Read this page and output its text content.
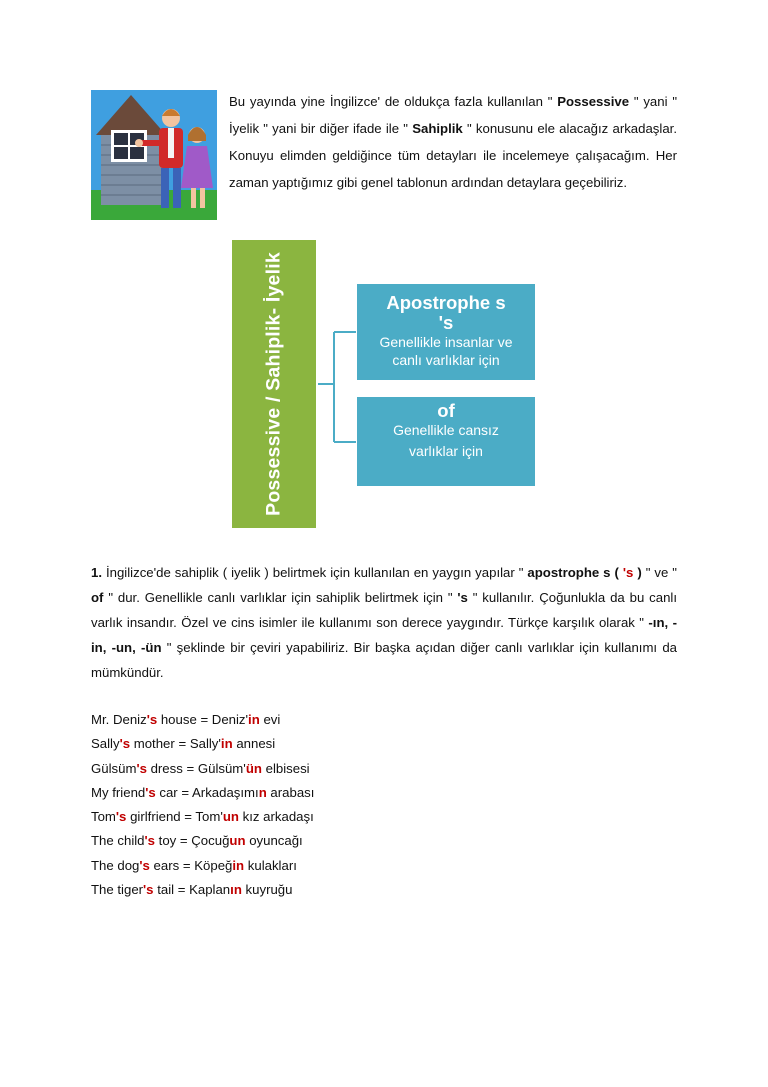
Bu yayında yine İngilizce' de oldukça fazla kullanılan " Possessive " yani " İyelik " yani bir diğer ifade ile " Sahiplik " konusunu ele alacağız arkadaşlar. Konuyu elimden geldiğince tüm detayları ile incelemeye çalışacağım. Her zaman yaptığımız gibi genel tablonun ardından detaylara geçebiliriz.
Possessive / Sahiplik- İyelik	Apostrophe s
's
Genellikle insanlar ve
canlı varlıklar için
of
Genellikle cansız
varlıklar için
1. İngilizce'de sahiplik ( iyelik ) belirtmek için kullanılan en yaygın yapılar " apostrophe s ( 's ) " ve " of " dur. Genellikle canlı varlıklar için sahiplik belirtmek için " 's " kullanılır. Çoğunlukla da bu canlı varlık insandır. Özel ve cins isimler ile kullanımı son derece yaygındır. Türkçe karşılık olarak " -ın, -in, -un, -ün " şeklinde bir çeviri yapabiliriz. Bir başka açıdan diğer canlı varlıklar için kullanımı da mümkündür.
Mr. Deniz's house = Deniz'in evi
Sally's mother = Sally'in annesi
Gülsüm's dress = Gülsüm'ün elbisesi
My friend's car = Arkadaşımın arabası
Tom's girlfriend = Tom'un kız arkadaşı
The child's toy = Çocuğun oyuncağı
The dog's ears = Köpeğin kulakları
The tiger's tail = Kaplanın kuyruğu
